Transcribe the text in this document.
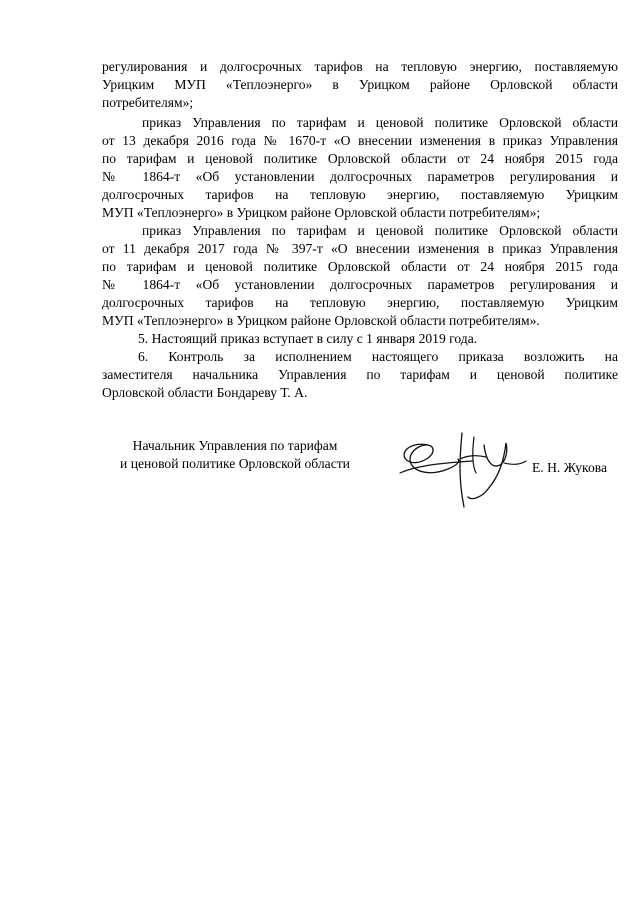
регулирования и долгосрочных тарифов на тепловую энергию, поставляемую
Урицким МУП «Теплоэнерго» в Урицком районе Орловской области
потребителям»;
приказ Управления по тарифам и ценовой политике Орловской области
от 13 декабря 2016 года № 1670-т «О внесении изменения в приказ Управления
по тарифам и ценовой политике Орловской области от 24 ноября 2015 года
№ 1864-т «Об установлении долгосрочных параметров регулирования и
долгосрочных тарифов на тепловую энергию, поставляемую Урицким
МУП «Теплоэнерго» в Урицком районе Орловской области потребителям»;
приказ Управления по тарифам и ценовой политике Орловской области
от 11 декабря 2017 года № 397-т «О внесении изменения в приказ Управления
по тарифам и ценовой политике Орловской области от 24 ноября 2015 года
№ 1864-т «Об установлении долгосрочных параметров регулирования и
долгосрочных тарифов на тепловую энергию, поставляемую Урицким
МУП «Теплоэнерго» в Урицком районе Орловской области потребителям».
5. Настоящий приказ вступает в силу с 1 января 2019 года.
6. Контроль за исполнением настоящего приказа возложить на
заместителя начальника Управления по тарифам и ценовой политике
Орловской области Бондареву Т. А.
Начальник Управления по тарифам
и ценовой политике Орловской области	Е. Н. Жукова
